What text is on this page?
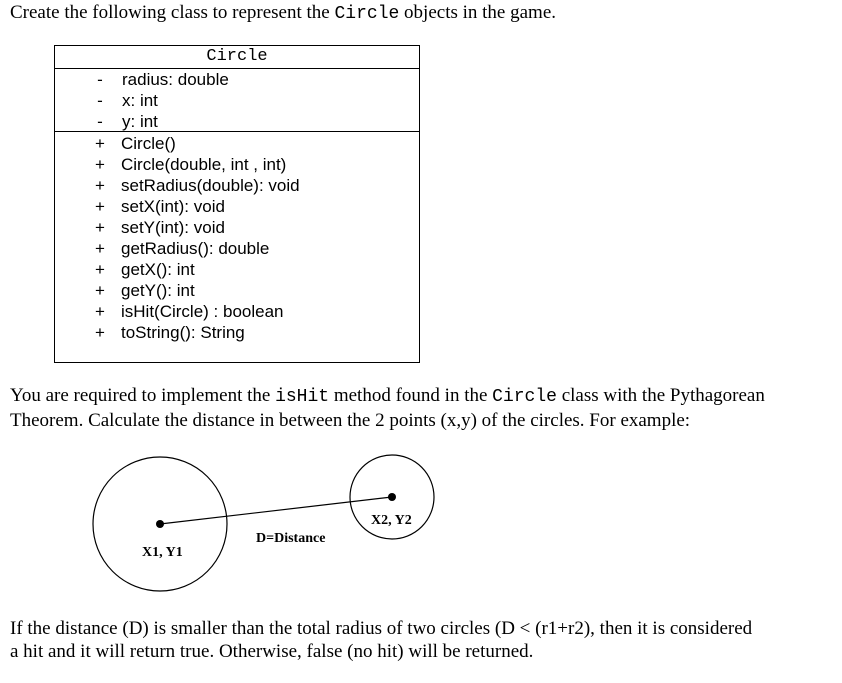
Create the following class to represent the Circle objects in the game.
Circle
- radius: double
- x: int
- y: int
+ Circle()
+ Circle(double, int , int)
+ setRadius(double): void
+ setX(int): void
+ setY(int): void
+ getRadius(): double
+ getX(): int
+ getY(): int
+ isHit(Circle) : boolean
+ toString(): String
You are required to implement the isHit method found in the Circle class with the Pythagorean
Theorem. Calculate the distance in between the 2 points (x,y) of the circles. For example:
X1, Y1
X2, Y2
D=Distance
If the distance (D) is smaller than the total radius of two circles (D < (r1+r2), then it is considered
a hit and it will return true. Otherwise, false (no hit) will be returned.
